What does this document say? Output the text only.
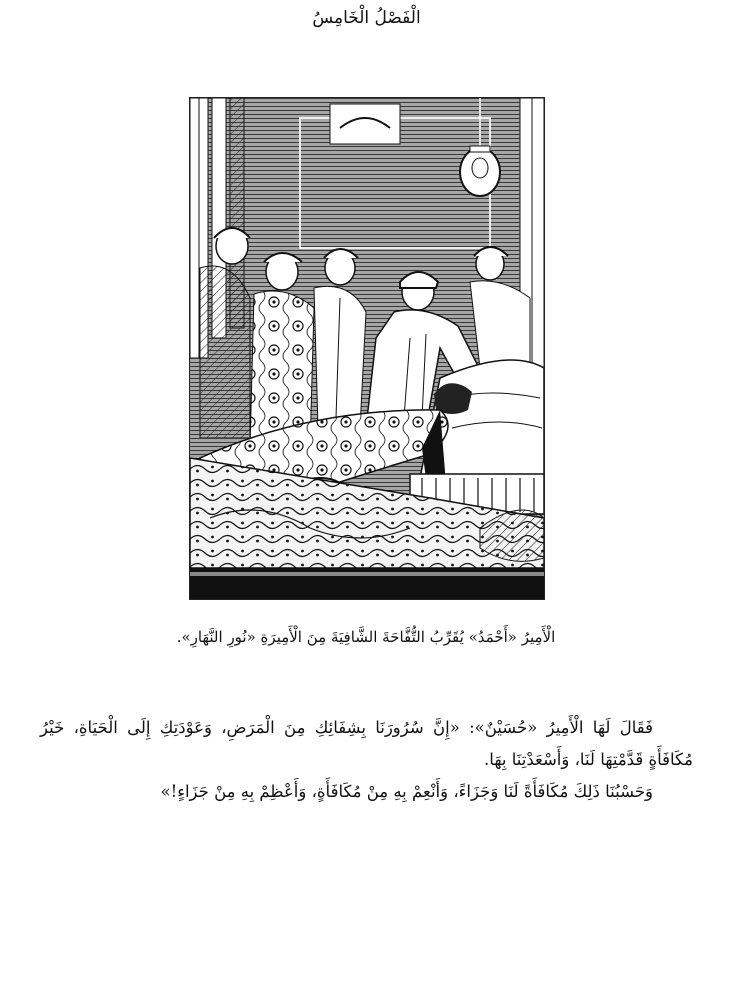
الْفَصْلُ الْخَامِسُ
الْأَمِيرُ «أَحْمَدُ» يُقَرِّبُ التُّفَّاحَةَ الشَّافِيَةَ مِنَ الْأَمِيرَةِ «نُورِ النَّهَارِ».

فَقَالَ لَهَا الْأَمِيرُ «حُسَيْنٌ»: «إِنَّ سُرُورَنَا بِشِفَائِكِ مِنَ الْمَرَضِ، وَعَوْدَتِكِ إِلَى الْحَيَاةِ، خَيْرُ مُكَافَأَةٍ قَدَّمْتِهَا لَنَا، وَأَسْعَدْتِنَا بِهَا.

وَحَسْبُنَا ذَلِكَ مُكَافَأَةً لَنَا وَجَزَاءً، وَأَنْعِمْ بِهِ مِنْ مُكَافَأَةٍ، وَأَعْظِمْ بِهِ مِنْ جَزَاءٍ!»
